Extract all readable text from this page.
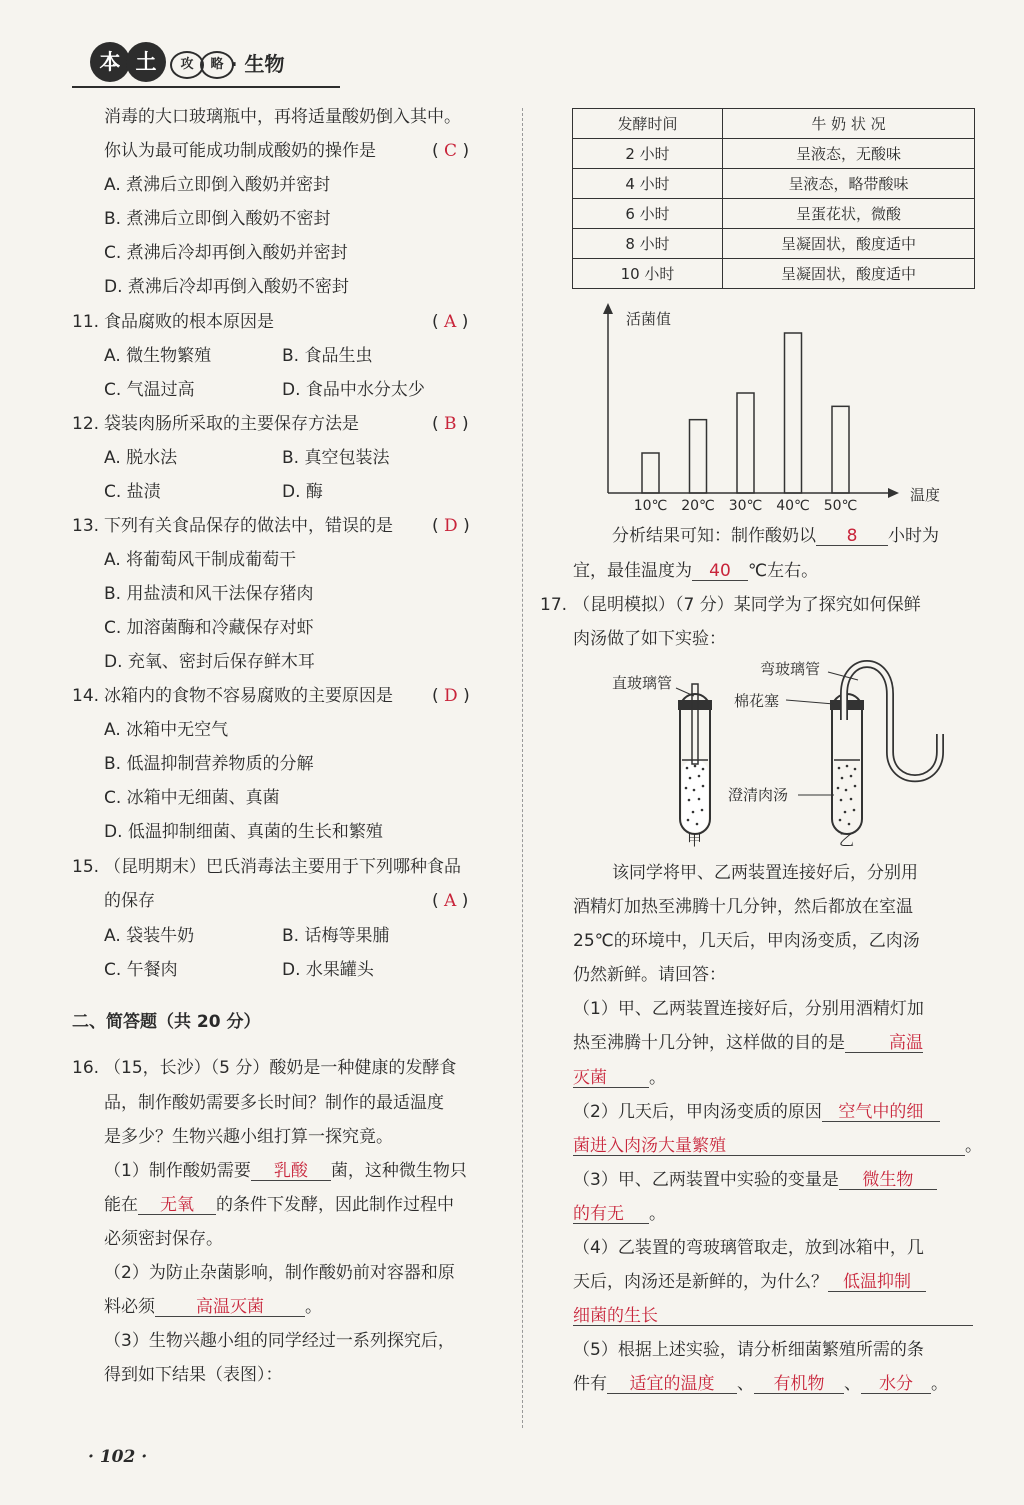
本 土	攻	略 · 生物
消毒的大口玻璃瓶中，再将适量酸奶倒入其中。
你认为最可能成功制成酸奶的操作是	( C )
A. 煮沸后立即倒入酸奶并密封
B. 煮沸后立即倒入酸奶不密封
C. 煮沸后冷却再倒入酸奶并密封
D. 煮沸后冷却再倒入酸奶不密封
11. 食品腐败的根本原因是	( A )
A. 微生物繁殖	B. 食品生虫
C. 气温过高	D. 食品中水分太少
12. 袋装肉肠所采取的主要保存方法是	( B )
A. 脱水法	B. 真空包装法
C. 盐渍	D. 酶
13. 下列有关食品保存的做法中，错误的是 ( D )
A. 将葡萄风干制成葡萄干
B. 用盐渍和风干法保存猪肉
C. 加溶菌酶和冷藏保存对虾
D. 充氧、密封后保存鲜木耳
14. 冰箱内的食物不容易腐败的主要原因是 ( D )
A. 冰箱中无空气
B. 低温抑制营养物质的分解
C. 冰箱中无细菌、真菌
D. 低温抑制细菌、真菌的生长和繁殖
15. （昆明期末）巴氏消毒法主要用于下列哪种食品
的保存	( A )
A. 袋装牛奶	B. 话梅等果脯
C. 午餐肉	D. 水果罐头
二、简答题（共 20 分）
16. （15，长沙）（5 分）酸奶是一种健康的发酵食
品，制作酸奶需要多长时间？制作的最适温度
是多少？生物兴趣小组打算一探究竟。
（1）制作酸奶需要 乳酸 菌，这种微生物只
能在 无氧 的条件下发酵，因此制作过程中
必须密封保存。
（2）为防止杂菌影响，制作酸奶前对容器和原
料必须 高温灭菌 。
（3）生物兴趣小组的同学经过一系列探究后，
得到如下结果（表图）：
· 102 ·
发酵时间	牛 奶 状 况
2 小时	呈液态，无酸味
4 小时	呈液态，略带酸味
6 小时	呈蛋花状，微酸
8 小时	呈凝固状，酸度适中
10 小时	呈凝固状，酸度适中
活菌值
温度
10℃ 20℃ 30℃ 40℃ 50℃
分析结果可知：制作酸奶以 8 小时为
宜，最佳温度为 40 ℃左右。
17. （昆明模拟）（7 分）某同学为了探究如何保鲜
肉汤做了如下实验：
直玻璃管
弯玻璃管
棉花塞
澄清肉汤
甲	乙
该同学将甲、乙两装置连接好后，分别用
酒精灯加热至沸腾十几分钟，然后都放在室温
25℃的环境中，几天后，甲肉汤变质，乙肉汤
仍然新鲜。请回答：
（1）甲、乙两装置连接好后，分别用酒精灯加
热至沸腾十几分钟，这样做的目的是	高温
灭菌 。
（2）几天后，甲肉汤变质的原因 空气中的细
菌进入肉汤大量繁殖	。
（3）甲、乙两装置中实验的变量是 微生物
的有无 。
（4）乙装置的弯玻璃管取走，放到冰箱中，几
天后，肉汤还是新鲜的，为什么？ 低温抑制
细菌的生长
（5）根据上述实验，请分析细菌繁殖所需的条
件有 适宜的温度 、 有机物 、 水分 。
